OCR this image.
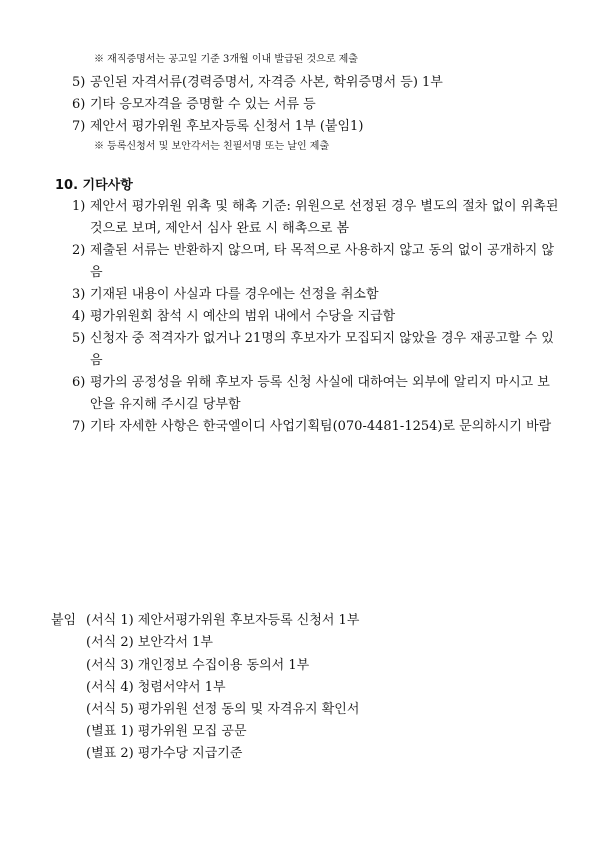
※ 재직증명서는 공고일 기준 3개월 이내 발급된 것으로 제출
5) 공인된 자격서류(경력증명서, 자격증 사본, 학위증명서 등) 1부
6) 기타 응모자격을 증명할 수 있는 서류 등
7) 제안서 평가위원 후보자등록 신청서 1부 (붙임1)
※ 등록신청서 및 보안각서는 친필서명 또는 날인 제출
10. 기타사항
1) 제안서 평가위원 위촉 및 해촉 기준: 위원으로 선정된 경우 별도의 절차 없이 위촉된 것으로 보며, 제안서 심사 완료 시 해촉으로 봄
2) 제출된 서류는 반환하지 않으며, 타 목적으로 사용하지 않고 동의 없이 공개하지 않음
3) 기재된 내용이 사실과 다를 경우에는 선정을 취소함
4) 평가위원회 참석 시 예산의 범위 내에서 수당을 지급함
5) 신청자 중 적격자가 없거나 21명의 후보자가 모집되지 않았을 경우 재공고할 수 있음
6) 평가의 공정성을 위해 후보자 등록 신청 사실에 대하여는 외부에 알리지 마시고 보안을 유지해 주시길 당부함
7) 기타 자세한 사항은 한국엘이디 사업기획팀(070-4481-1254)로 문의하시기 바람
붙임 (서식 1) 제안서평가위원 후보자등록 신청서 1부
(서식 2) 보안각서 1부
(서식 3) 개인정보 수집이용 동의서 1부
(서식 4) 청렴서약서 1부
(서식 5) 평가위원 선정 동의 및 자격유지 확인서
(별표 1) 평가위원 모집 공문
(별표 2) 평가수당 지급기준
